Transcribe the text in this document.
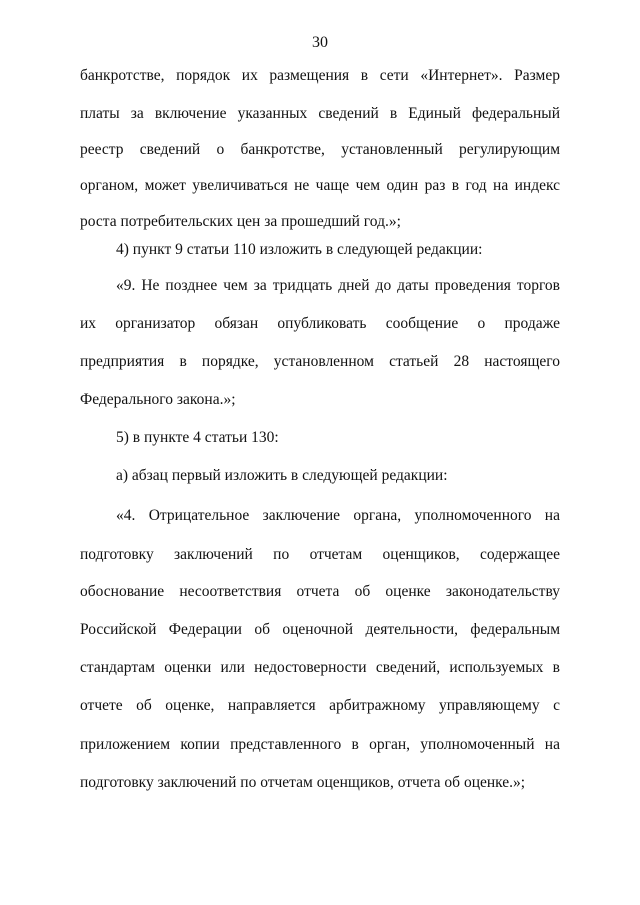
30
банкротстве, порядок их размещения в сети «Интернет». Размер
платы за включение указанных сведений в Единый федеральный
реестр сведений о банкротстве, установленный регулирующим
органом, может увеличиваться не чаще чем один раз в год на индекс
роста потребительских цен за прошедший год.»;
4) пункт 9 статьи 110 изложить в следующей редакции:
«9. Не позднее чем за тридцать дней до даты проведения торгов
их организатор обязан опубликовать сообщение о продаже
предприятия в порядке, установленном статьей 28 настоящего
Федерального закона.»;
5) в пункте 4 статьи 130:
а) абзац первый изложить в следующей редакции:
«4. Отрицательное заключение органа, уполномоченного на
подготовку заключений по отчетам оценщиков, содержащее
обоснование несоответствия отчета об оценке законодательству
Российской Федерации об оценочной деятельности, федеральным
стандартам оценки или недостоверности сведений, используемых в
отчете об оценке, направляется арбитражному управляющему с
приложением копии представленного в орган, уполномоченный на
подготовку заключений по отчетам оценщиков, отчета об оценке.»;
